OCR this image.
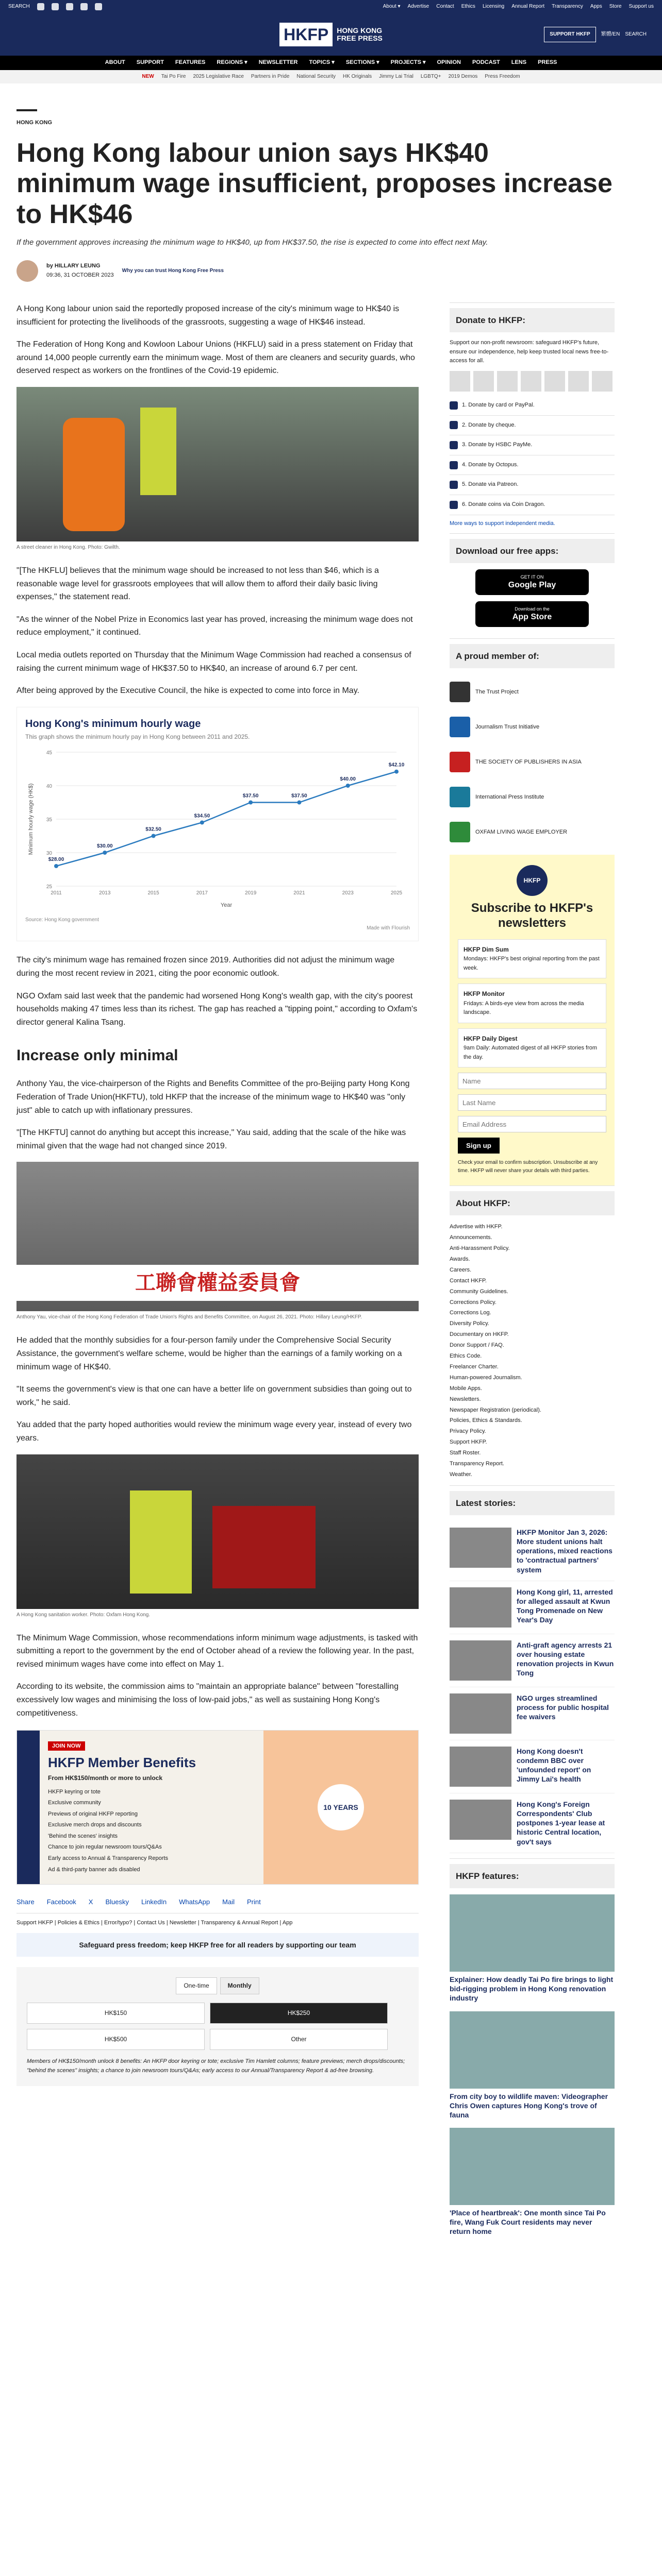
SEARCH	About ▾ Advertise Contact Ethics Licensing Annual Report Transparency Apps Store Support us
HKFP	HONG KONG
FREE PRESS	SUPPORT HKFP	繁體/EN SEARCH
ABOUT SUPPORT FEATURES REGIONS ▾ NEWSLETTER TOPICS ▾ SECTIONS ▾ PROJECTS ▾ OPINION PODCAST LENS PRESS
NEW Tai Po Fire 2025 Legislative Race Partners in Pride National Security HK Originals Jimmy Lai Trial LGBTQ+ 2019 Demos Press Freedom
HONG KONG
Hong Kong labour union says HK$40 minimum wage insufficient, proposes increase to HK$46
If the government approves increasing the minimum wage to HK$40, up from HK$37.50, the rise is expected to come into effect next May.
by HILLARY LEUNG
09:36, 31 OCTOBER 2023
Why you can trust Hong Kong Free Press

A Hong Kong labour union said the reportedly proposed increase of the city's minimum wage to HK$40 is insufficient for protecting the livelihoods of the grassroots, suggesting a wage of HK$46 instead.

The Federation of Hong Kong and Kowloon Labour Unions (HKFLU) said in a press statement on Friday that around 14,000 people currently earn the minimum wage. Most of them are cleaners and security guards, who deserved respect as workers on the frontlines of the Covid-19 epidemic.

A street cleaner in Hong Kong. Photo: Gwilth.

"[The HKFLU] believes that the minimum wage should be increased to not less than $46, which is a reasonable wage level for grassroots employees that will allow them to afford their daily basic living expenses," the statement read.

"As the winner of the Nobel Prize in Economics last year has proved, increasing the minimum wage does not reduce employment," it continued.

Local media outlets reported on Thursday that the Minimum Wage Commission had reached a consensus of raising the current minimum wage of HK$37.50 to HK$40, an increase of around 6.7 per cent.

After being approved by the Executive Council, the hike is expected to come into force in May.

Hong Kong's minimum hourly wage
This graph shows the minimum hourly pay in Hong Kong between 2011 and 2025.
25
30
35
40
45
2011	2013	2015	2017	2019	2021	2023	2025
Year
Minimum hourly wage (HK$)
$28.00
$30.00
$32.50
$34.50
$37.50	$37.50
$40.00
$42.10
Source: Hong Kong government
Made with Flourish

The city's minimum wage has remained frozen since 2019. Authorities did not adjust the minimum wage during the most recent review in 2021, citing the poor economic outlook.

NGO Oxfam said last week that the pandemic had worsened Hong Kong's wealth gap, with the city's poorest households making 47 times less than its richest. The gap has reached a "tipping point," according to Oxfam's director general Kalina Tsang.

Increase only minimal

Anthony Yau, the vice-chairperson of the Rights and Benefits Committee of the pro-Beijing party Hong Kong Federation of Trade Union(HKFTU), told HKFP that the increase of the minimum wage to HK$40 was "only just" able to catch up with inflationary pressures.

"[The HKFTU] cannot do anything but accept this increase," Yau said, adding that the scale of the hike was minimal given that the wage had not changed since 2019.

工聯會權益委員會
Anthony Yau, vice-chair of the Hong Kong Federation of Trade Union's Rights and Benefits Committee, on August 26, 2021. Photo: Hillary Leung/HKFP.

He added that the monthly subsidies for a four-person family under the Comprehensive Social Security Assistance, the government's welfare scheme, would be higher than the earnings of a family working on a minimum wage of HK$40.

"It seems the government's view is that one can have a better life on government subsidies than going out to work," he said.

Yau added that the party hoped authorities would review the minimum wage every year, instead of every two years.

A Hong Kong sanitation worker. Photo: Oxfam Hong Kong.

The Minimum Wage Commission, whose recommendations inform minimum wage adjustments, is tasked with submitting a report to the government by the end of October ahead of a review the following year. In the past, revised minimum wages have come into effect on May 1.

According to its website, the commission aims to "maintain an appropriate balance" between "forestalling excessively low wages and minimising the loss of low-paid jobs," as well as sustaining Hong Kong's competitiveness.

JOIN NOW
HKFP Member Benefits
From HK$150/month or more to unlock
HKFP keyring or tote
Exclusive community
Previews of original HKFP reporting
Exclusive merch drops and discounts
'Behind the scenes' insights
Chance to join regular newsroom tours/Q&As
Early access to Annual & Transparency Reports
Ad & third-party banner ads disabled
10 YEARS
Share Facebook X Bluesky LinkedIn WhatsApp Mail Print
Support HKFP | Policies & Ethics | Error/typo? | Contact Us | Newsletter | Transparency & Annual Report | App
Safeguard press freedom; keep HKFP free for all readers by supporting our team
One-time	Monthly
HK$150	HK$250
HK$500	Other
Members of HK$150/month unlock 8 benefits: An HKFP door keyring or tote; exclusive Tim Hamlett columns; feature previews; merch drops/discounts; "behind the scenes" insights; a chance to join newsroom tours/Q&As; early access to our Annual/Transparency Report & ad-free browsing.
Donate to HKFP:

Support our non-profit newsroom: safeguard HKFP's future, ensure our independence, help keep trusted local news free-to-access for all.

1. Donate by card or PayPal.
2. Donate by cheque.
3. Donate by HSBC PayMe.
4. Donate by Octopus.
5. Donate via Patreon.
6. Donate coins via Coin Dragon.
More ways to support independent media.
Download our free apps:
GET IT ON
Google Play
Download on the
App Store
A proud member of:
The Trust Project
Journalism Trust Initiative
THE SOCIETY OF PUBLISHERS IN ASIA
International Press Institute
OXFAM LIVING WAGE EMPLOYER
HKFP
Subscribe to HKFP's newsletters
HKFP Dim Sum
Mondays: HKFP's best original reporting from the past week.
HKFP Monitor
Fridays: A birds-eye view from across the media landscape.
HKFP Daily Digest
9am Daily: Automated digest of all HKFP stories from the day.
Name Last Name Email Address Sign up

Check your email to confirm subscription. Unsubscribe at any time. HKFP will never share your details with third parties.

About HKFP:
Advertise with HKFP.
Announcements.
Anti-Harassment Policy.
Awards.
Careers.
Contact HKFP.
Community Guidelines.
Corrections Policy.
Corrections Log.
Diversity Policy.
Documentary on HKFP.
Donor Support / FAQ.
Ethics Code.
Freelancer Charter.
Human-powered Journalism.
Mobile Apps.
Newsletters.
Newspaper Registration (periodical).
Policies, Ethics & Standards.
Privacy Policy.
Support HKFP.
Staff Roster.
Transparency Report.
Weather.
Latest stories:
HKFP Monitor Jan 3, 2026: More student unions halt operations, mixed reactions to 'contractual partners' system
Hong Kong girl, 11, arrested for alleged assault at Kwun Tong Promenade on New Year's Day
Anti-graft agency arrests 21 over housing estate renovation projects in Kwun Tong
NGO urges streamlined process for public hospital fee waivers
Hong Kong doesn't condemn BBC over 'unfounded report' on Jimmy Lai's health
Hong Kong's Foreign Correspondents' Club postpones 1-year lease at historic Central location, gov't says
HKFP features:
Explainer: How deadly Tai Po fire brings to light bid-rigging problem in Hong Kong renovation industry
From city boy to wildlife maven: Videographer Chris Owen captures Hong Kong's trove of fauna
'Place of heartbreak': One month since Tai Po fire, Wang Fuk Court residents may never return home
